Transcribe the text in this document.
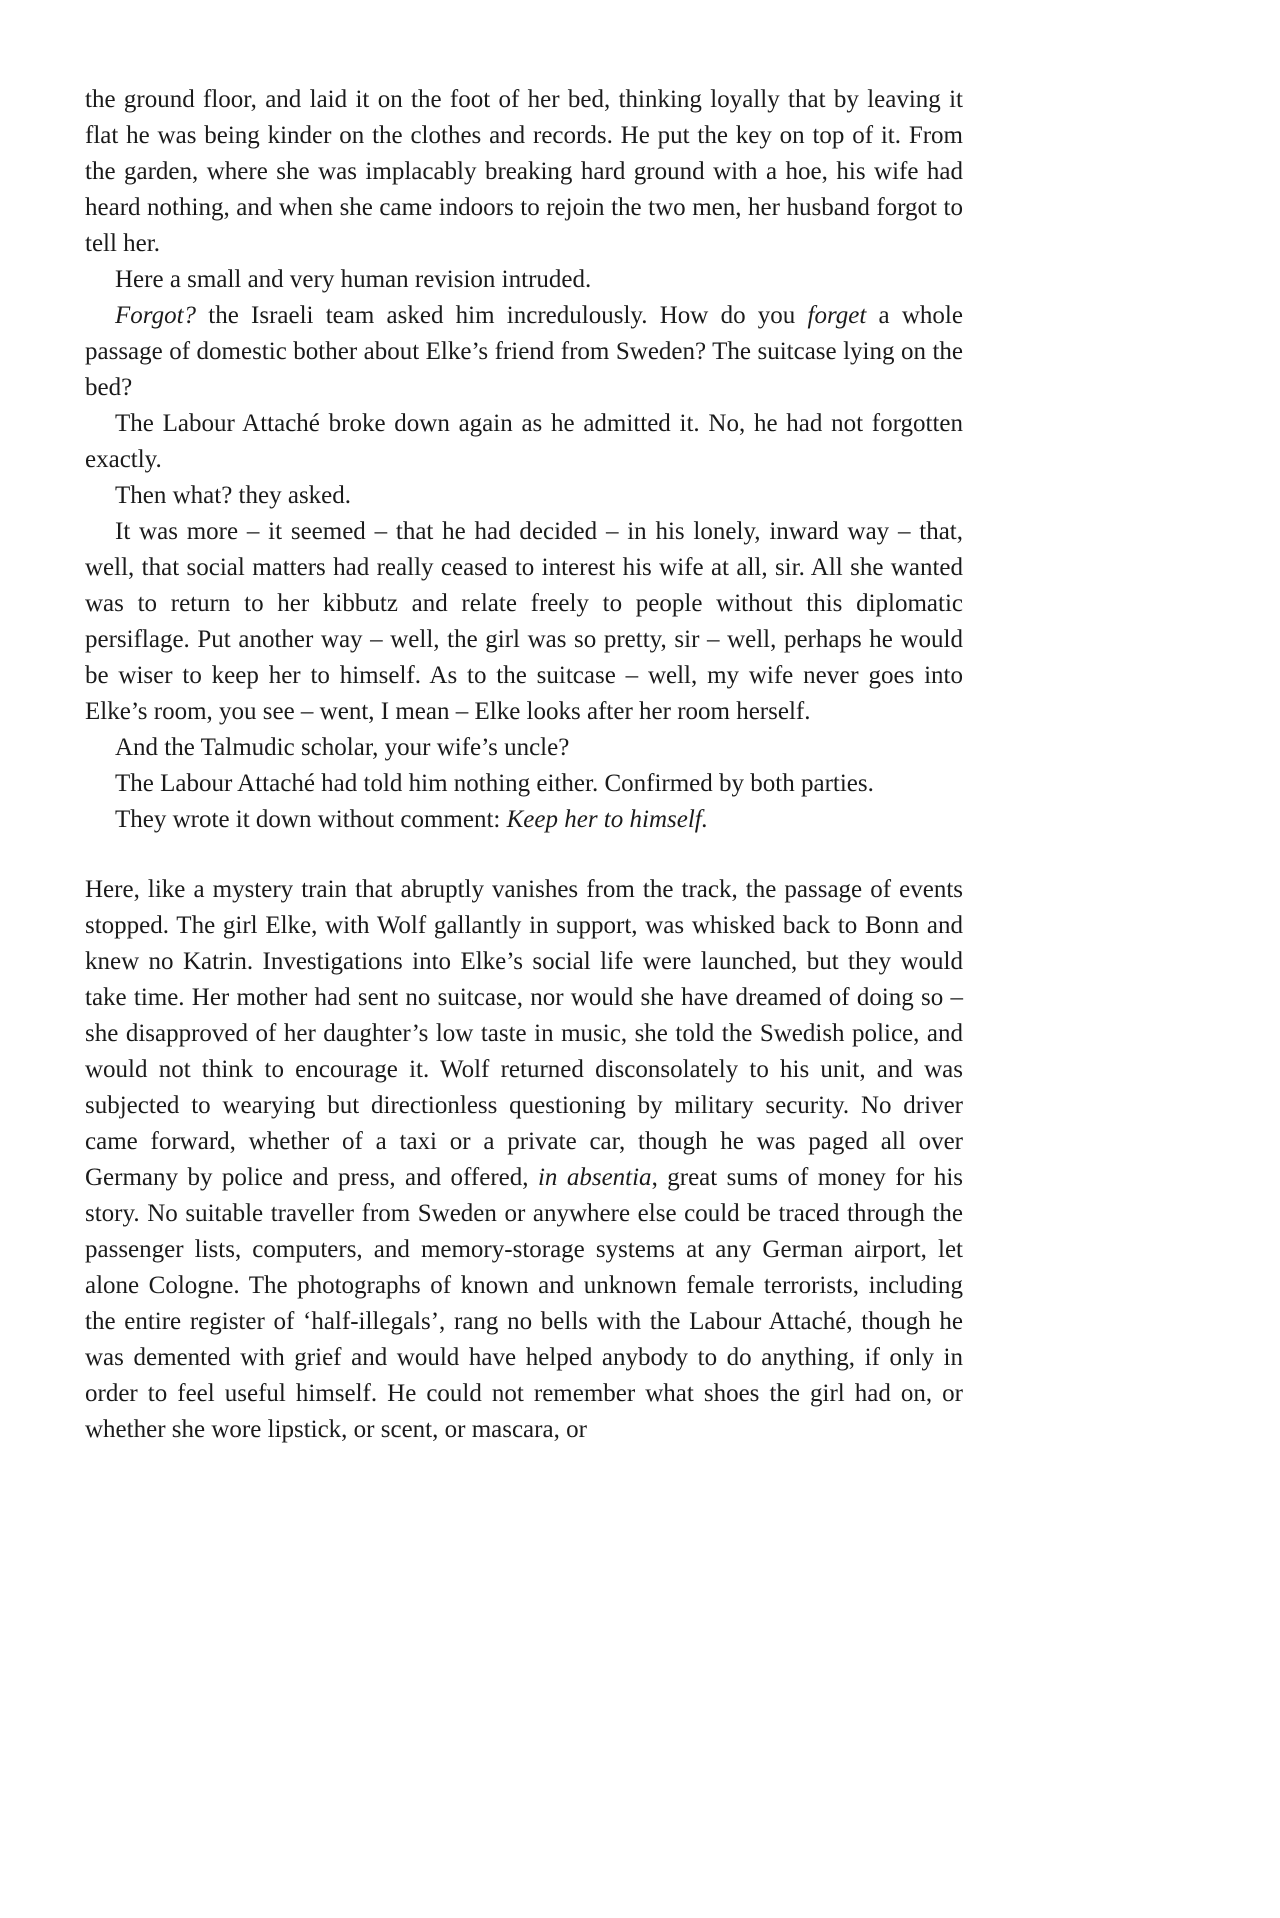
the ground floor, and laid it on the foot of her bed, thinking loyally that by leaving it flat he was being kinder on the clothes and records. He put the key on top of it. From the garden, where she was implacably breaking hard ground with a hoe, his wife had heard nothing, and when she came indoors to rejoin the two men, her husband forgot to tell her.

Here a small and very human revision intruded.

Forgot? the Israeli team asked him incredulously. How do you forget a whole passage of domestic bother about Elke’s friend from Sweden? The suitcase lying on the bed?

The Labour Attaché broke down again as he admitted it. No, he had not forgotten exactly.

Then what? they asked.

It was more – it seemed – that he had decided – in his lonely, inward way – that, well, that social matters had really ceased to interest his wife at all, sir. All she wanted was to return to her kibbutz and relate freely to people without this diplomatic persiflage. Put another way – well, the girl was so pretty, sir – well, perhaps he would be wiser to keep her to himself. As to the suitcase – well, my wife never goes into Elke’s room, you see – went, I mean – Elke looks after her room herself.

And the Talmudic scholar, your wife’s uncle?

The Labour Attaché had told him nothing either. Confirmed by both parties.

They wrote it down without comment: Keep her to himself.

Here, like a mystery train that abruptly vanishes from the track, the passage of events stopped. The girl Elke, with Wolf gallantly in support, was whisked back to Bonn and knew no Katrin. Investigations into Elke’s social life were launched, but they would take time. Her mother had sent no suitcase, nor would she have dreamed of doing so – she disapproved of her daughter’s low taste in music, she told the Swedish police, and would not think to encourage it. Wolf returned disconsolately to his unit, and was subjected to wearying but directionless questioning by military security. No driver came forward, whether of a taxi or a private car, though he was paged all over Germany by police and press, and offered, in absentia, great sums of money for his story. No suitable traveller from Sweden or anywhere else could be traced through the passenger lists, computers, and memory-storage systems at any German airport, let alone Cologne. The photographs of known and unknown female terrorists, including the entire register of ‘half-illegals’, rang no bells with the Labour Attaché, though he was demented with grief and would have helped anybody to do anything, if only in order to feel useful himself. He could not remember what shoes the girl had on, or whether she wore lipstick, or scent, or mascara, or
